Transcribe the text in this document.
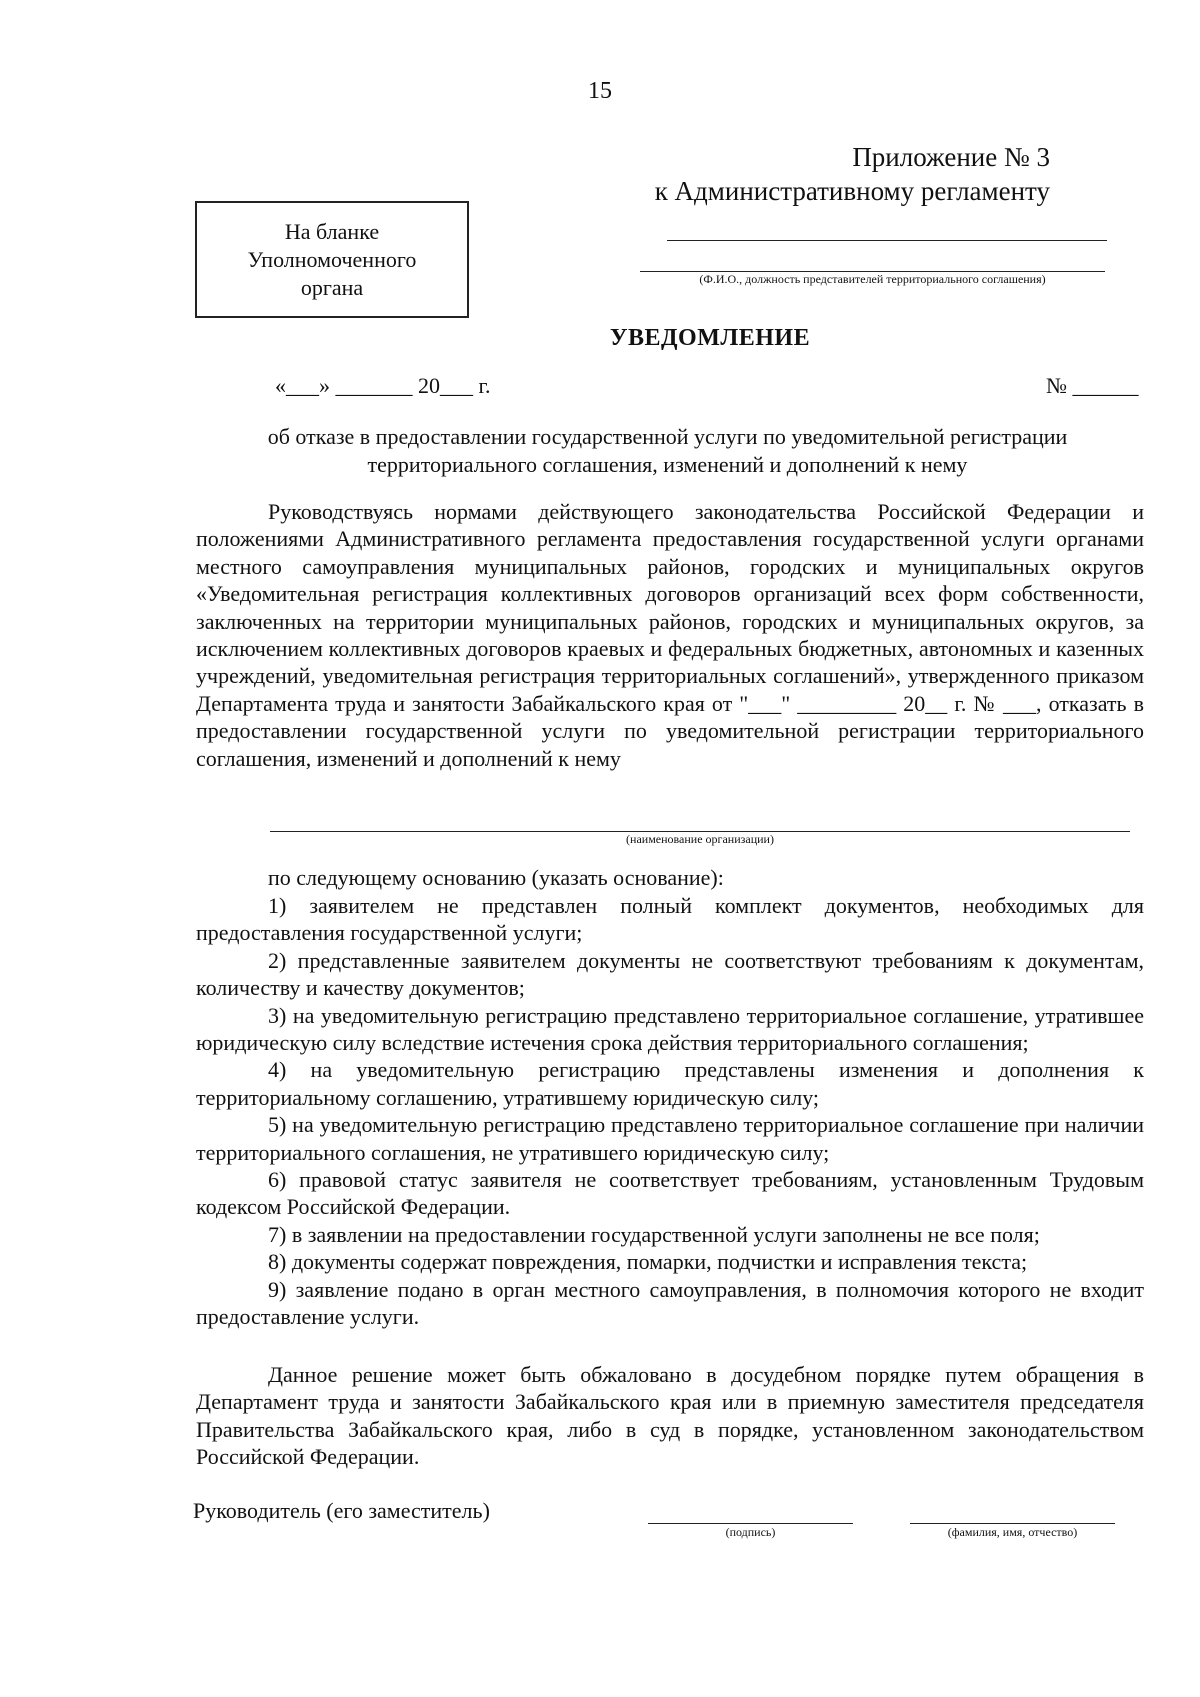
15
Приложение № 3
к Административному регламенту
На бланке
Уполномоченного
органа	(Ф.И.О., должность представителей территориального соглашения)
УВЕДОМЛЕНИЕ
«___» _______ 20___ г.	№ ______
об отказе в предоставлении государственной услуги по уведомительной регистрации территориального соглашения, изменений и дополнений к нему

Руководствуясь нормами действующего законодательства Российской Федерации и положениями Административного регламента предоставления государственной услуги органами местного самоуправления муниципальных районов, городских и муниципальных округов «Уведомительная регистрация коллективных договоров организаций всех форм собственности, заключенных на территории муниципальных районов, городских и муниципальных округов, за исключением коллективных договоров краевых и федеральных бюджетных, автономных и казенных учреждений, уведомительная регистрация территориальных соглашений», утвержденного приказом Департамента труда и занятости Забайкальского края от "___" _________ 20__ г. № ___, отказать в предоставлении государственной услуги по уведомительной регистрации территориального соглашения, изменений и дополнений к нему

(наименование организации)
по следующему основанию (указать основание):
1) заявителем не представлен полный комплект документов, необходимых для предоставления государственной услуги;
2) представленные заявителем документы не соответствуют требованиям к документам, количеству и качеству документов;
3) на уведомительную регистрацию представлено территориальное соглашение, утратившее юридическую силу вследствие истечения срока действия территориального соглашения;
4) на уведомительную регистрацию представлены изменения и дополнения к территориальному соглашению, утратившему юридическую силу;
5) на уведомительную регистрацию представлено территориальное соглашение при наличии территориального соглашения, не утратившего юридическую силу;
6) правовой статус заявителя не соответствует требованиям, установленным Трудовым кодексом Российской Федерации.
7) в заявлении на предоставлении государственной услуги заполнены не все поля;
8) документы содержат повреждения, помарки, подчистки и исправления текста;
9) заявление подано в орган местного самоуправления, в полномочия которого не входит предоставление услуги.

Данное решение может быть обжаловано в досудебном порядке путем обращения в Департамент труда и занятости Забайкальского края или в приемную заместителя председателя Правительства Забайкальского края, либо в суд в порядке, установленном законодательством Российской Федерации.

Руководитель (его заместитель)
(подпись)	(фамилия, имя, отчество)
